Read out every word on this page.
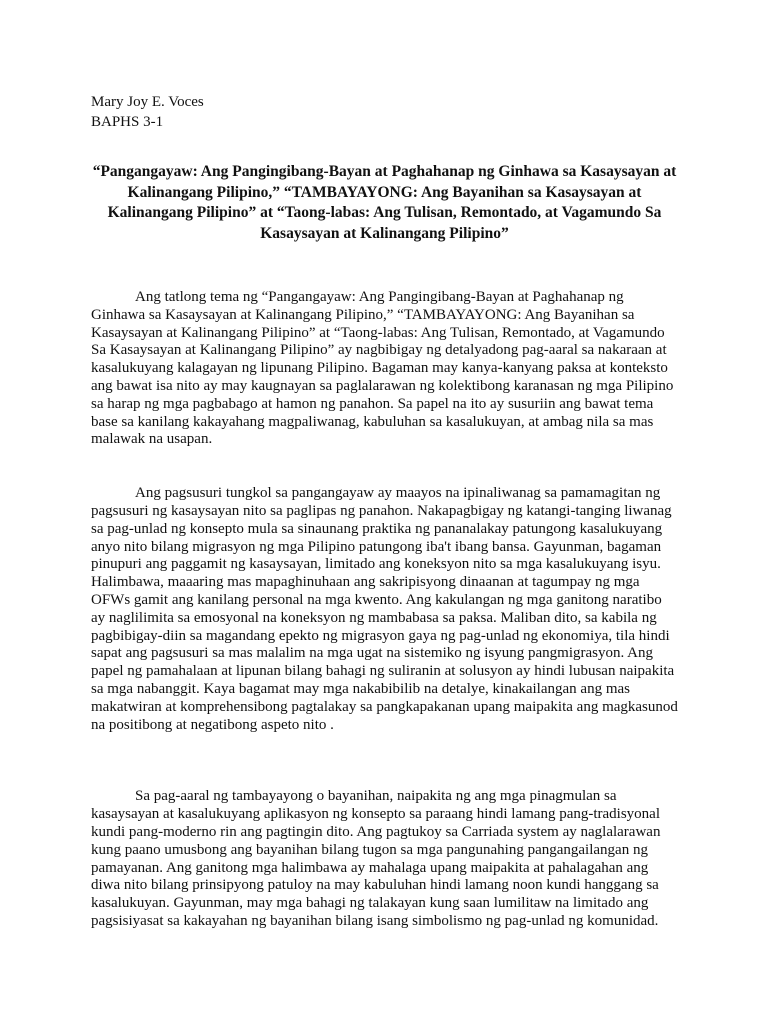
Mary Joy E. Voces

BAPHS 3-1

“Pangangayaw: Ang Pangingibang-Bayan at Paghahanap ng Ginhawa sa Kasaysayan at Kalinangang Pilipino,” “TAMBAYAYONG: Ang Bayanihan sa Kasaysayan at Kalinangang Pilipino” at “Taong-labas: Ang Tulisan, Remontado, at Vagamundo Sa Kasaysayan at Kalinangang Pilipino”

Ang tatlong tema ng “Pangangayaw: Ang Pangingibang-Bayan at Paghahanap ng Ginhawa sa Kasaysayan at Kalinangang Pilipino,” “TAMBAYAYONG: Ang Bayanihan sa Kasaysayan at Kalinangang Pilipino” at “Taong-labas: Ang Tulisan, Remontado, at Vagamundo Sa Kasaysayan at Kalinangang Pilipino” ay nagbibigay ng detalyadong pag-aaral sa nakaraan at kasalukuyang kalagayan ng lipunang Pilipino. Bagaman may kanya-kanyang paksa at konteksto ang bawat isa nito ay may kaugnayan sa paglalarawan ng kolektibong karanasan ng mga Pilipino sa harap ng mga pagbabago at hamon ng panahon. Sa papel na ito ay susuriin ang bawat tema base sa kanilang kakayahang magpaliwanag, kabuluhan sa kasalukuyan, at ambag nila sa mas malawak na usapan.

Ang pagsusuri tungkol sa pangangayaw ay maayos na ipinaliwanag sa pamamagitan ng pagsusuri ng kasaysayan nito sa paglipas ng panahon. Nakapagbigay ng katangi-tanging liwanag sa pag-unlad ng konsepto mula sa sinaunang praktika ng pananalakay patungong kasalukuyang anyo nito bilang migrasyon ng mga Pilipino patungong iba't ibang bansa. Gayunman, bagaman pinupuri ang paggamit ng kasaysayan, limitado ang koneksyon nito sa mga kasalukuyang isyu. Halimbawa, maaaring mas mapaghinuhaan ang sakripisyong dinaanan at tagumpay ng mga OFWs gamit ang kanilang personal na mga kwento. Ang kakulangan ng mga ganitong naratibo ay naglilimita sa emosyonal na koneksyon ng mambabasa sa paksa. Maliban dito, sa kabila ng pagbibigay-diin sa magandang epekto ng migrasyon gaya ng pag-unlad ng ekonomiya, tila hindi sapat ang pagsusuri sa mas malalim na mga ugat na sistemiko ng isyung pangmigrasyon. Ang papel ng pamahalaan at lipunan bilang bahagi ng suliranin at solusyon ay hindi lubusan naipakita sa mga nabanggit. Kaya bagamat may mga nakabibilib na detalye, kinakailangan ang mas makatwiran at komprehensibong pagtalakay sa pangkapakanan upang maipakita ang magkasunod na positibong at negatibong aspeto nito .

Sa pag-aaral ng tambayayong o bayanihan, naipakita ng ang mga pinagmulan sa kasaysayan at kasalukuyang aplikasyon ng konsepto sa paraang hindi lamang pang-tradisyonal kundi pang-moderno rin ang pagtingin dito. Ang pagtukoy sa Carriada system ay naglalarawan kung paano umusbong ang bayanihan bilang tugon sa mga pangunahing pangangailangan ng pamayanan. Ang ganitong mga halimbawa ay mahalaga upang maipakita at pahalagahan ang diwa nito bilang prinsipyong patuloy na may kabuluhan hindi lamang noon kundi hanggang sa kasalukuyan. Gayunman, may mga bahagi ng talakayan kung saan lumilitaw na limitado ang pagsisiyasat sa kakayahan ng bayanihan bilang isang simbolismo ng pag-unlad ng komunidad.
